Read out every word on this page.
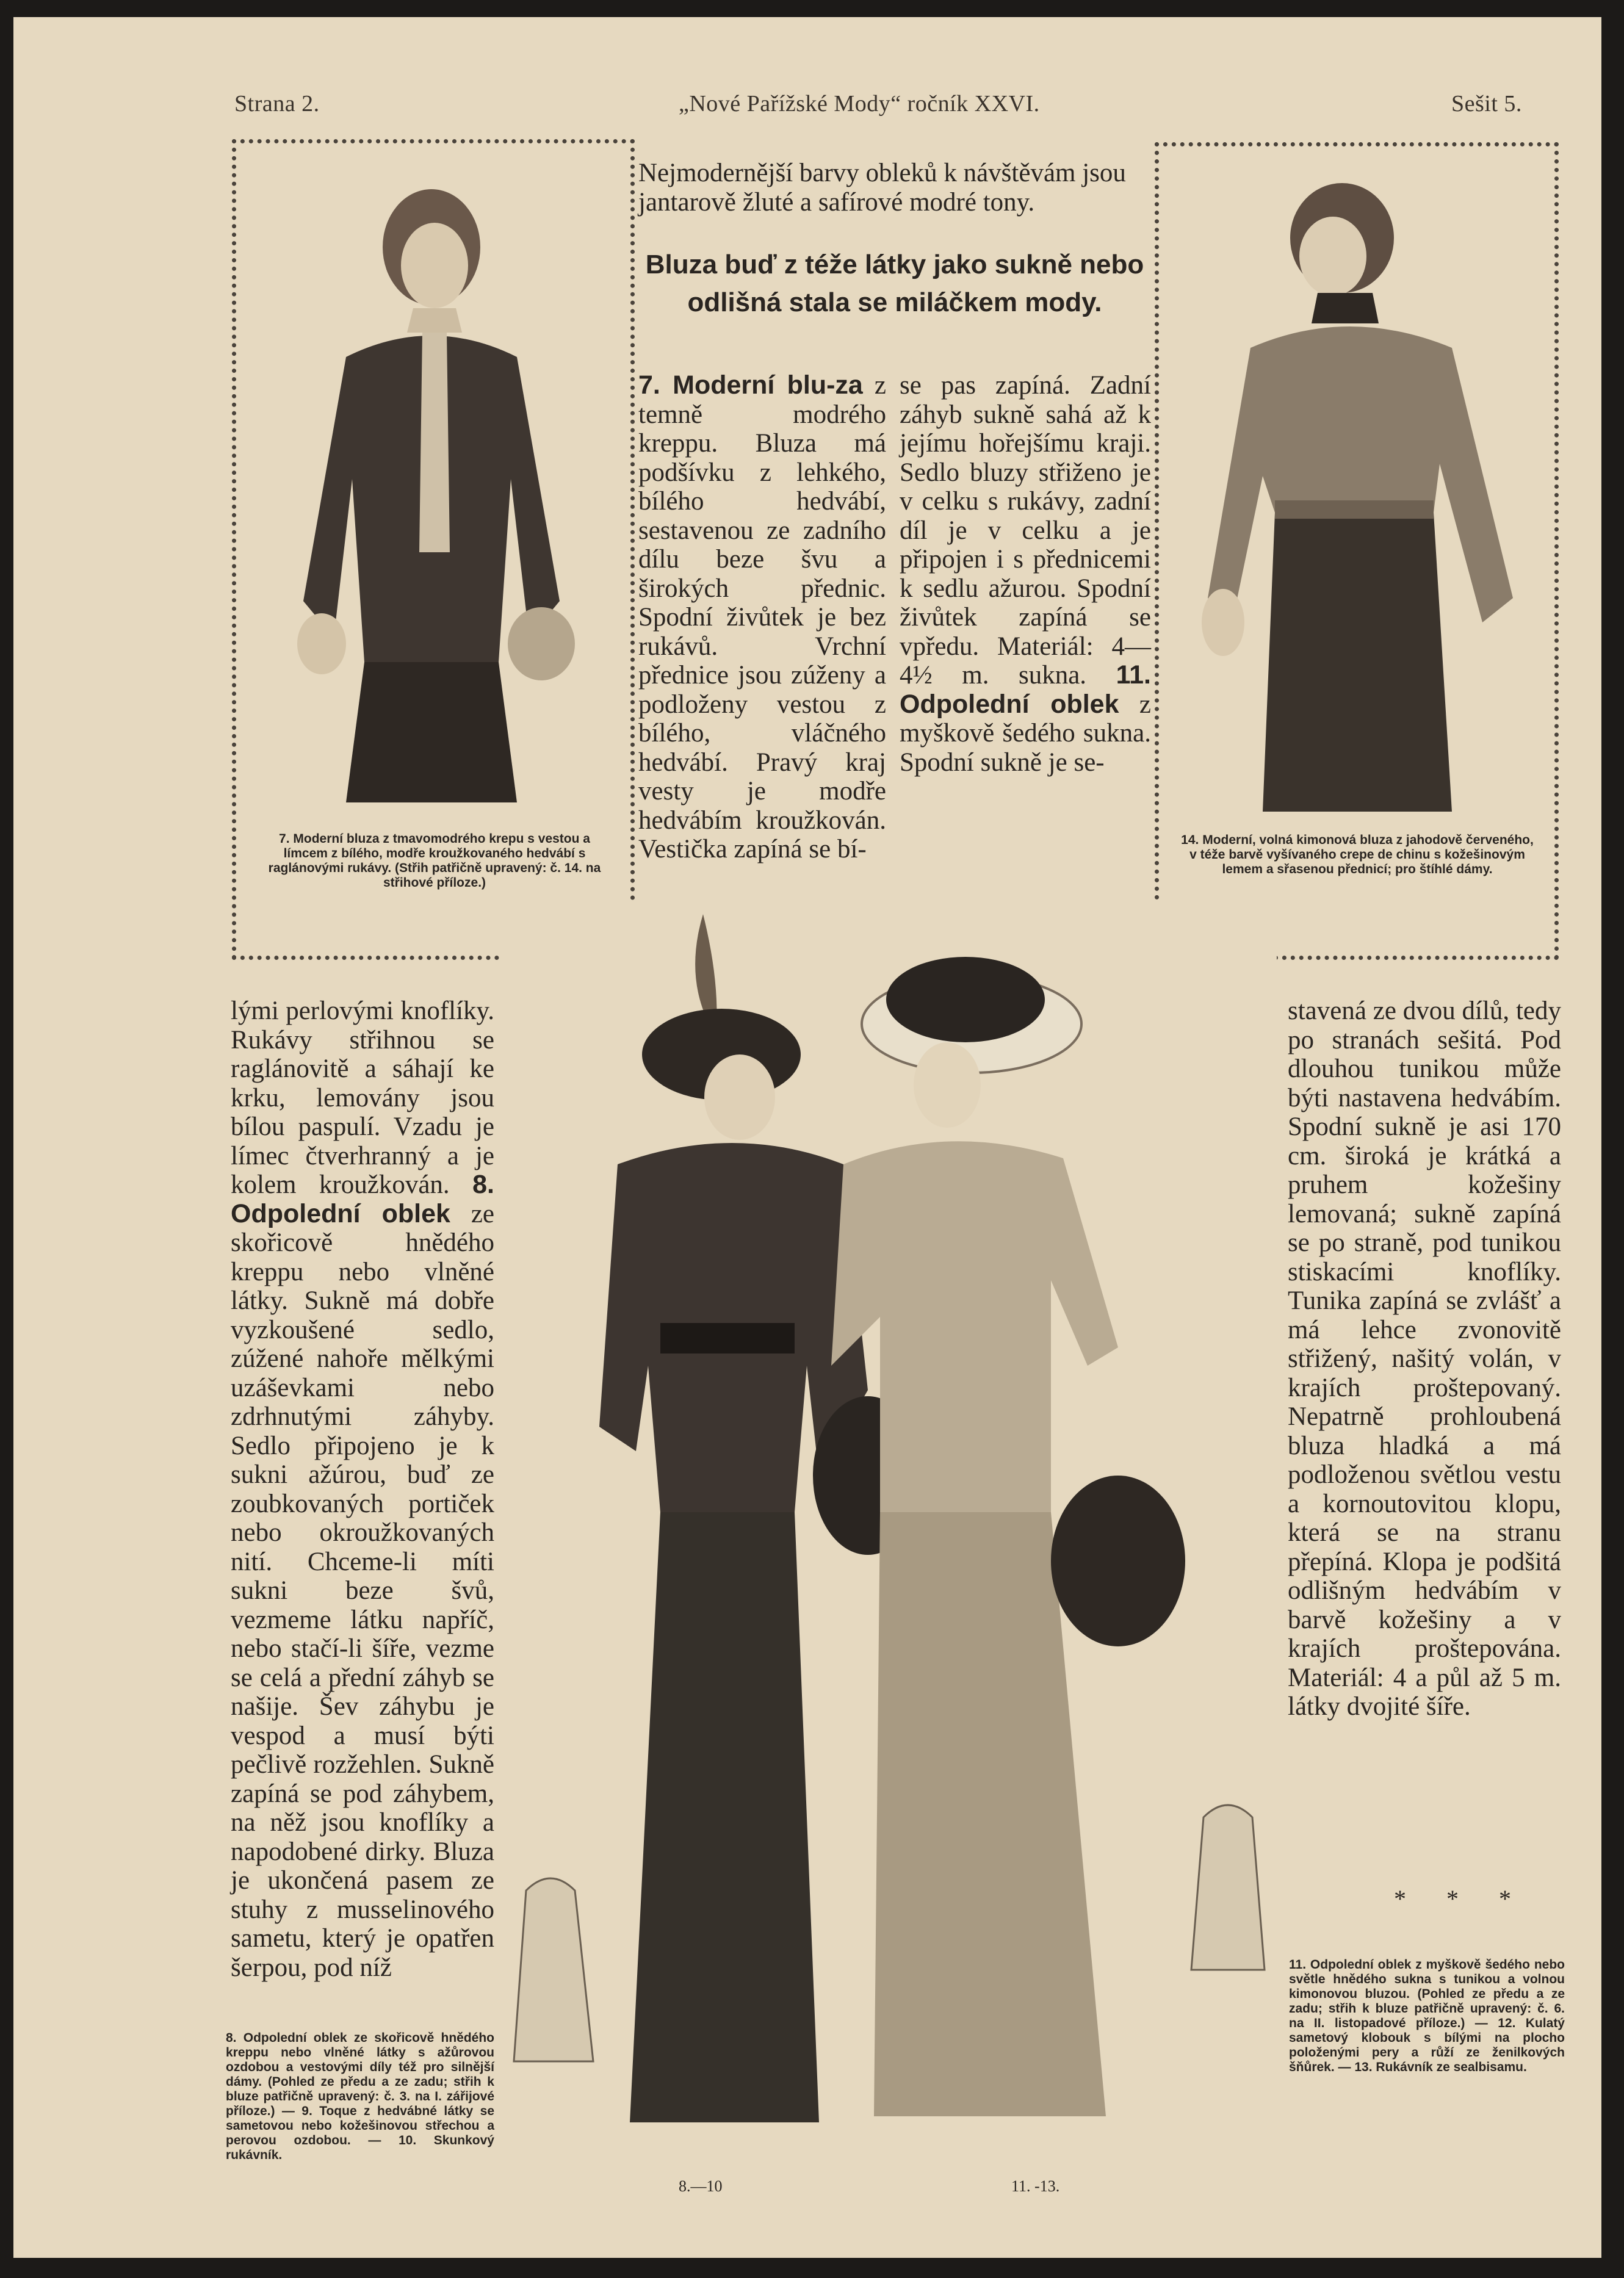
Strana 2.	„Nové Pařížské Mody“ ročník XXVI.	Sešit 5.
7. Moderní bluza z tmavomodrého krepu s vestou a límcem z bílého, modře kroužkovaného hedvábí s raglánovými rukávy. (Střih patřičně upravený: č. 14. na střihové příloze.)
14. Moderní, volná kimonová bluza z jahodově červeného, v téže barvě vyšívaného crepe de chinu s kožešinovým lemem a sřasenou přednicí; pro štíhlé dámy.
Nejmodernější barvy obleků k návštěvám jsou jantarově žluté a safírové modré tony.
Bluza buď z téže látky jako sukně nebo odlišná stala se miláčkem mody.
7. Moderní blu-za z temně modrého kreppu. Bluza má podšívku z lehkého, bílého hedvábí, sestavenou ze zadního dílu beze švu a širokých přednic. Spodní živůtek je bez rukávů. Vrchní přednice jsou zúženy a podloženy vestou z bílého, vláčného hedvábí. Pravý kraj vesty je modře hedvábím kroužkován. Vestička zapíná se bí-
se pas zapíná. Zadní záhyb sukně sahá až k jejímu hořejšímu kraji. Sedlo bluzy střiženo je v celku s rukávy, zadní díl je v celku a je připojen i s přednicemi k sedlu ažurou. Spodní živůtek zapíná se vpředu. Materiál: 4—4½ m. sukna. 11. Odpolední oblek z myškově šedého sukna. Spodní sukně je se-
lými perlovými knoflíky. Rukávy střihnou se raglánovitě a sáhají ke krku, lemovány jsou bílou paspulí. Vzadu je límec čtverhranný a je kolem kroužkován. 8. Odpolední oblek ze skořicově hnědého kreppu nebo vlněné látky. Sukně má dobře vyzkoušené sedlo, zúžené nahoře mělkými uzáševkami nebo zdrhnutými záhyby. Sedlo připojeno je k sukni ažúrou, buď ze zoubkovaných portiček nebo okroužkovaných nití. Chceme-li míti sukni beze švů, vezmeme látku napříč, nebo stačí-li šíře, vezme se celá a přední záhyb se našije. Šev záhybu je vespod a musí býti pečlivě rozžehlen. Sukně zapíná se pod záhybem, na něž jsou knoflíky a napodobené dirky. Bluza je ukončená pasem ze stuhy z musselinového sametu, který je opatřen šerpou, pod níž
stavená ze dvou dílů, tedy po stranách sešitá. Pod dlouhou tunikou může býti nastavena hedvábím. Spodní sukně je asi 170 cm. široká je krátká a pruhem kožešiny lemovaná; sukně zapíná se po straně, pod tunikou stiskacími knoflíky. Tunika zapíná se zvlášť a má lehce zvonovitě střižený, našitý volán, v krajích proštepovaný. Nepatrně prohloubená bluza hladká a má podloženou světlou vestu a kornoutovitou klopu, která se na stranu přepíná. Klopa je podšitá odlišným hedvábím v barvě kožešiny a v krajích proštepována. Materiál: 4 a půl až 5 m. látky dvojité šíře.
* * *
8.—10	11. -13.
8. Odpolední oblek ze skořicově hnědého kreppu nebo vlněné látky s ažůrovou ozdobou a vestovými díly též pro silnější dámy. (Pohled ze předu a ze zadu; střih k bluze patřičně upravený: č. 3. na I. zářijové příloze.) — 9. Toque z hedvábné látky se sametovou nebo kožešinovou střechou a perovou ozdobou. — 10. Skunkový rukávník.
11. Odpolední oblek z myškově šedého nebo světle hnědého sukna s tunikou a volnou kimonovou bluzou. (Pohled ze předu a ze zadu; střih k bluze patřičně upravený: č. 6. na II. listopadové příloze.) — 12. Kulatý sametový klobouk s bílými na plocho položenými pery a růží ze ženilkových šňůrek. — 13. Rukávník ze sealbisamu.
